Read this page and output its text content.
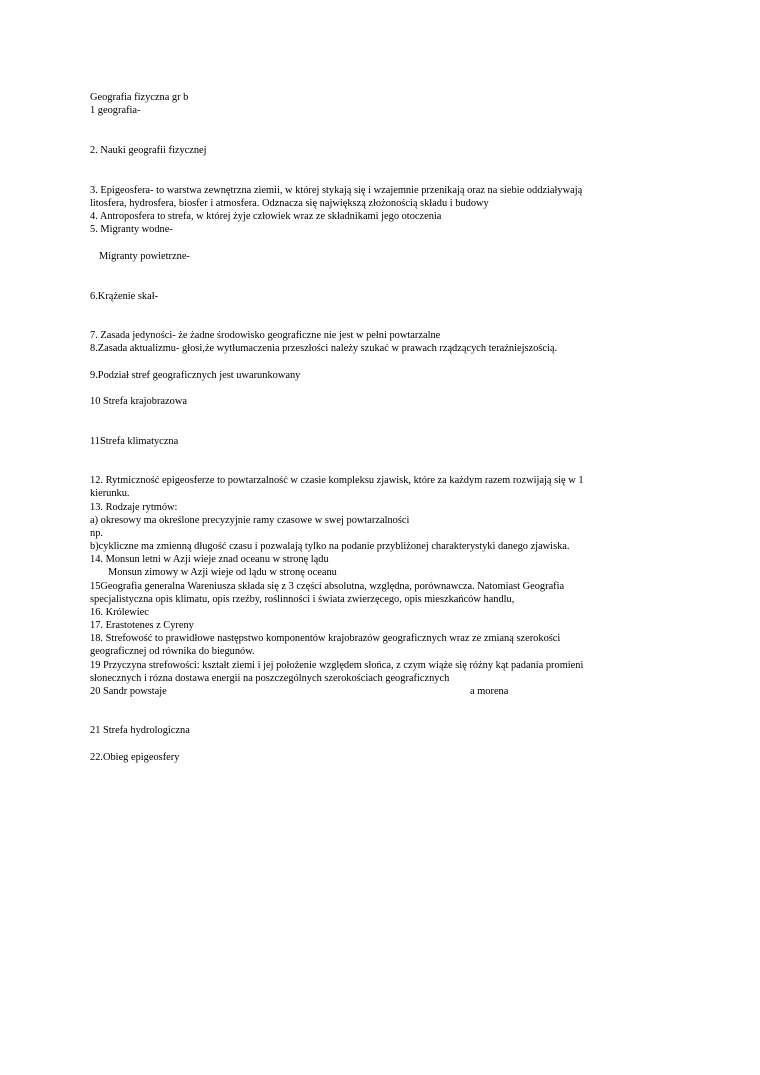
Geografia fizyczna gr b
1 geografia-
2. Nauki geografii fizycznej
3. Epigeosfera- to warstwa zewnętrzna ziemii, w której stykają się i wzajemnie przenikają oraz na siebie oddziaływają
litosfera, hydrosfera, biosfer i atmosfera. Odznacza się największą złożonością składu i budowy
4. Antroposfera to strefa, w której żyje człowiek wraz ze składnikami jego otoczenia
5. Migranty wodne-
Migranty powietrzne-
6.Krążenie skał-
7. Zasada jedyności- że żadne środowisko geograficzne nie jest w pełni powtarzalne
8.Zasada aktualizmu- głosi,że wytłumaczenia przeszłości należy szukać w prawach rządzących teraźniejszością.
9.Podział stref geograficznych jest uwarunkowany
10 Strefa krajobrazowa
11Strefa klimatyczna
12. Rytmiczność epigeosferze to powtarzalność w czasie kompleksu zjawisk, które za każdym razem rozwijają się w 1
kierunku.
13. Rodzaje rytmów:
a) okresowy ma określone precyzyjnie ramy czasowe w swej powtarzalności
np.
b)cykliczne ma zmienną długość czasu i pozwalają tylko na podanie przybliżonej charakterystyki danego zjawiska.
14. Monsun letni w Azji wieje znad oceanu w stronę lądu
Monsun zimowy w Azji wieje od lądu w stronę oceanu
15Geografia generalna Wareniusza składa się z 3 części absolutna, względna, porównawcza. Natomiast Geografia
specjalistyczna opis klimatu, opis rzeźby, roślinności i świata zwierzęcego, opis mieszkańców handlu,
16. Królewiec
17. Erastotenes z Cyreny
18. Strefowość to prawidłowe następstwo komponentów krajobrazów geograficznych wraz ze zmianą szerokości
geograficznej od równika do biegunów.
19 Przyczyna strefowości: kształt ziemi i jej położenie względem słońca, z czym wiąże się różny kąt padania promieni
słonecznych i rózna dostawa energii na poszczególnych szerokościach geograficznych
20 Sandr powstaje	a morena
21 Strefa hydrologiczna
22.Obieg epigeosfery
